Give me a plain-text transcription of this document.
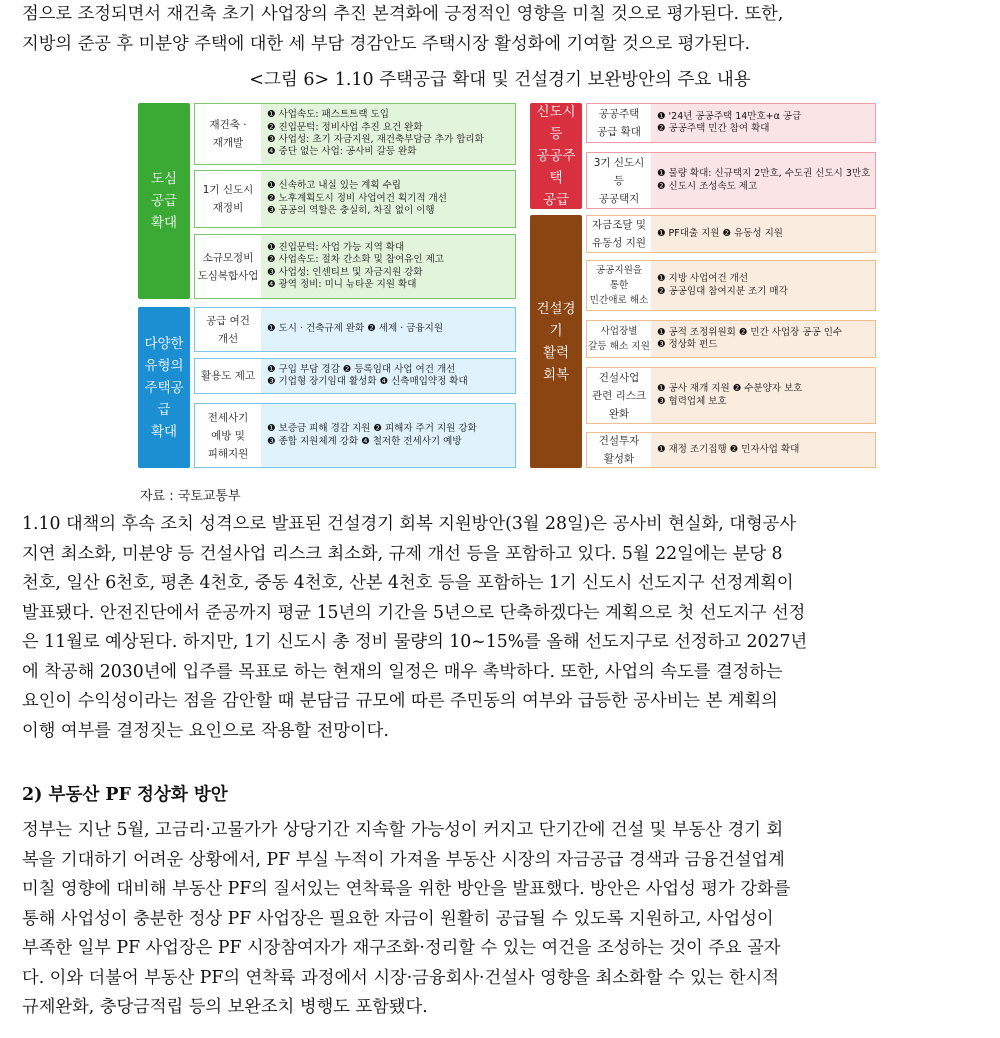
점으로 조정되면서 재건축 초기 사업장의 추진 본격화에 긍정적인 영향을 미칠 것으로 평가된다. 또한,
지방의 준공 후 미분양 주택에 대한 세 부담 경감안도 주택시장 활성화에 기여할 것으로 평가된다.
<그림 6> 1.10 주택공급 확대 및 건설경기 보완방안의 주요 내용
도심
공급
확대
재건축 ·
재개발
❶ 사업속도: 패스트트랙 도입
❷ 진입문턱: 정비사업 추진 요건 완화
❸ 사업성: 초기 자금지원, 재건축부담금 추가 합리화
❹ 중단 없는 사업: 공사비 갈등 완화
1기 신도시
재정비
❶ 신속하고 내실 있는 계획 수립
❷ 노후계획도시 정비 사업여건 획기적 개선
❸ 공공의 역할은 충실히, 차질 없이 이행
소규모정비
도심복합사업
❶ 진입문턱: 사업 가능 지역 확대
❷ 사업속도: 절차 간소화 및 참여유인 제고
❸ 사업성: 인센티브 및 자금지원 강화
❹ 광역 정비: 미니 뉴타운 지원 확대
다양한
유형의
주택공급
확대
공급 여건
개선
❶ 도시 · 건축규제 완화 ❷ 세제 · 금융지원
활용도 제고
❶ 구입 부담 경감 ❷ 등록임대 사업 여건 개선
❸ 기업형 장기임대 활성화 ❹ 신축매입약정 확대
전세사기
예방 및
피해지원
❶ 보증금 피해 경감 지원 ❷ 피해자 주거 지원 강화
❸ 종합 지원체계 강화 ❹ 철저한 전세사기 예방
신도시
등
공공주택
공급
공공주택
공급 확대
❶ '24년 공공주택 14만호+α 공급
❷ 공공주택 민간 참여 확대
3기 신도시
등
공공택지
❶ 물량 확대: 신규택지 2만호, 수도권 신도시 3만호
❷ 신도시 조성속도 제고
건설경기
활력
회복
자금조달 및
유동성 지원
❶ PF대출 지원 ❷ 유동성 지원
공공지원을
통한
민간애로 해소
❶ 지방 사업여건 개선
❷ 공공임대 참여지분 조기 매각
사업장별
갈등 해소 지원
❶ 공적 조정위원회 ❷ 민간 사업장 공공 인수
❸ 정상화 펀드
건설사업
관련 리스크
완화
❶ 공사 재개 지원 ❷ 수분양자 보호
❸ 협력업체 보호
건설투자
활성화
❶ 재정 조기집행 ❷ 민자사업 확대
자료 : 국토교통부
1.10 대책의 후속 조치 성격으로 발표된 건설경기 회복 지원방안(3월 28일)은 공사비 현실화, 대형공사
지연 최소화, 미분양 등 건설사업 리스크 최소화, 규제 개선 등을 포함하고 있다. 5월 22일에는 분당 8
천호, 일산 6천호, 평촌 4천호, 중동 4천호, 산본 4천호 등을 포함하는 1기 신도시 선도지구 선정계획이
발표됐다. 안전진단에서 준공까지 평균 15년의 기간을 5년으로 단축하겠다는 계획으로 첫 선도지구 선정
은 11월로 예상된다. 하지만, 1기 신도시 총 정비 물량의 10~15%를 올해 선도지구로 선정하고 2027년
에 착공해 2030년에 입주를 목표로 하는 현재의 일정은 매우 촉박하다. 또한, 사업의 속도를 결정하는
요인이 수익성이라는 점을 감안할 때 분담금 규모에 따른 주민동의 여부와 급등한 공사비는 본 계획의
이행 여부를 결정짓는 요인으로 작용할 전망이다.
2) 부동산 PF 정상화 방안
정부는 지난 5월, 고금리·고물가가 상당기간 지속할 가능성이 커지고 단기간에 건설 및 부동산 경기 회
복을 기대하기 어려운 상황에서, PF 부실 누적이 가져올 부동산 시장의 자금공급 경색과 금융건설업계
미칠 영향에 대비해 부동산 PF의 질서있는 연착륙을 위한 방안을 발표했다. 방안은 사업성 평가 강화를
통해 사업성이 충분한 정상 PF 사업장은 필요한 자금이 원활히 공급될 수 있도록 지원하고, 사업성이
부족한 일부 PF 사업장은 PF 시장참여자가 재구조화·정리할 수 있는 여건을 조성하는 것이 주요 골자
다. 이와 더불어 부동산 PF의 연착륙 과정에서 시장·금융회사·건설사 영향을 최소화할 수 있는 한시적
규제완화, 충당금적립 등의 보완조치 병행도 포함됐다.
